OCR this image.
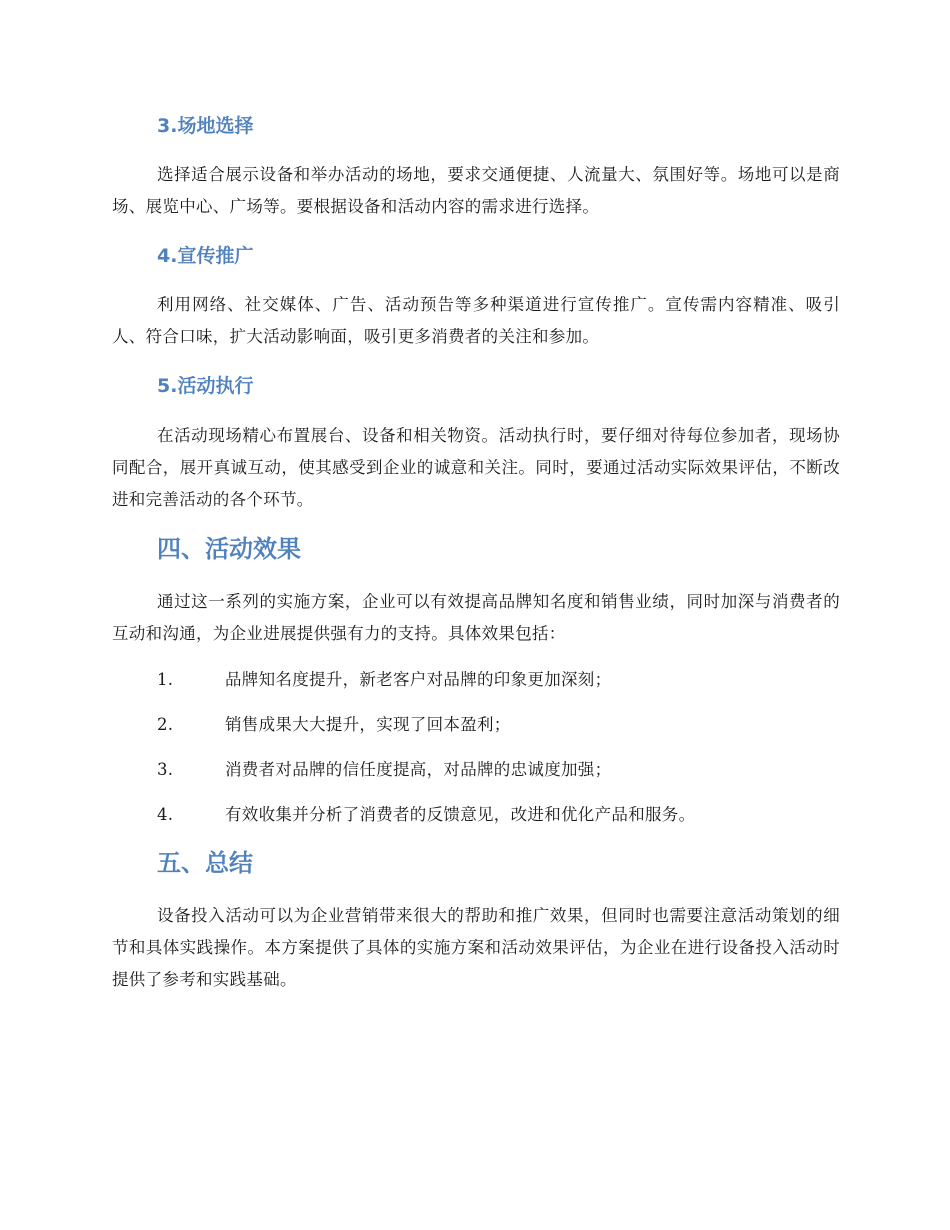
3.场地选择

选择适合展示设备和举办活动的场地，要求交通便捷、人流量大、氛围好等。场地可以是商场、展览中心、广场等。要根据设备和活动内容的需求进行选择。

4.宣传推广

利用网络、社交媒体、广告、活动预告等多种渠道进行宣传推广。宣传需内容精准、吸引人、符合口味，扩大活动影响面，吸引更多消费者的关注和参加。

5.活动执行

在活动现场精心布置展台、设备和相关物资。活动执行时，要仔细对待每位参加者，现场协同配合，展开真诚互动，使其感受到企业的诚意和关注。同时，要通过活动实际效果评估，不断改进和完善活动的各个环节。

四、活动效果

通过这一系列的实施方案，企业可以有效提高品牌知名度和销售业绩，同时加深与消费者的互动和沟通，为企业进展提供强有力的支持。具体效果包括：

1.	品牌知名度提升，新老客户对品牌的印象更加深刻；
2.	销售成果大大提升，实现了回本盈利；
3.	消费者对品牌的信任度提高，对品牌的忠诚度加强；
4.	有效收集并分析了消费者的反馈意见，改进和优化产品和服务。
五、总结

设备投入活动可以为企业营销带来很大的帮助和推广效果，但同时也需要注意活动策划的细节和具体实践操作。本方案提供了具体的实施方案和活动效果评估，为企业在进行设备投入活动时提供了参考和实践基础。
